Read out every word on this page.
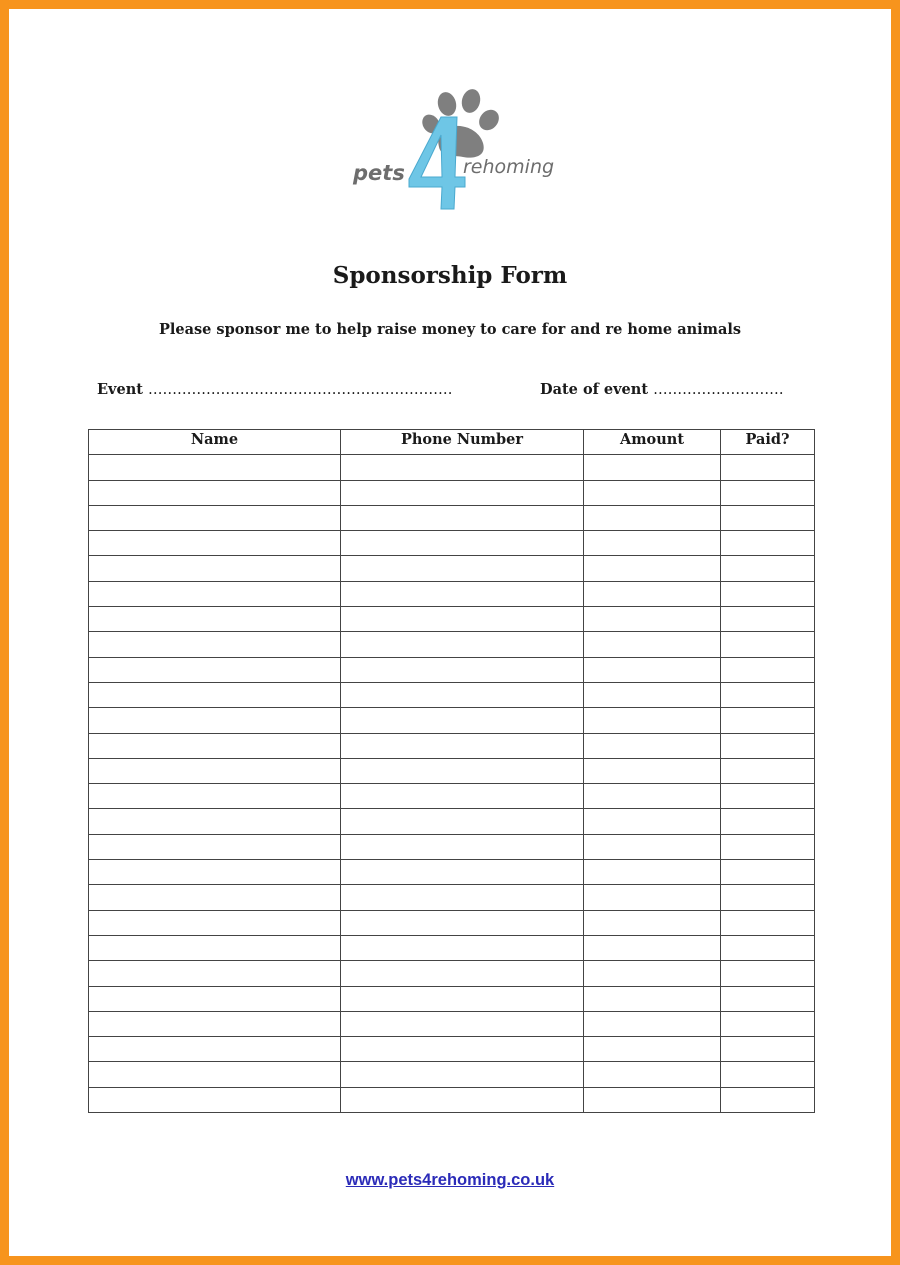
pets	rehoming
Sponsorship Form
Please sponsor me to help raise money to care for and re home animals
Event ………………………………………………………	Date of event ………………………
Name	Phone Number	Amount	Paid?

www.pets4rehoming.co.uk
